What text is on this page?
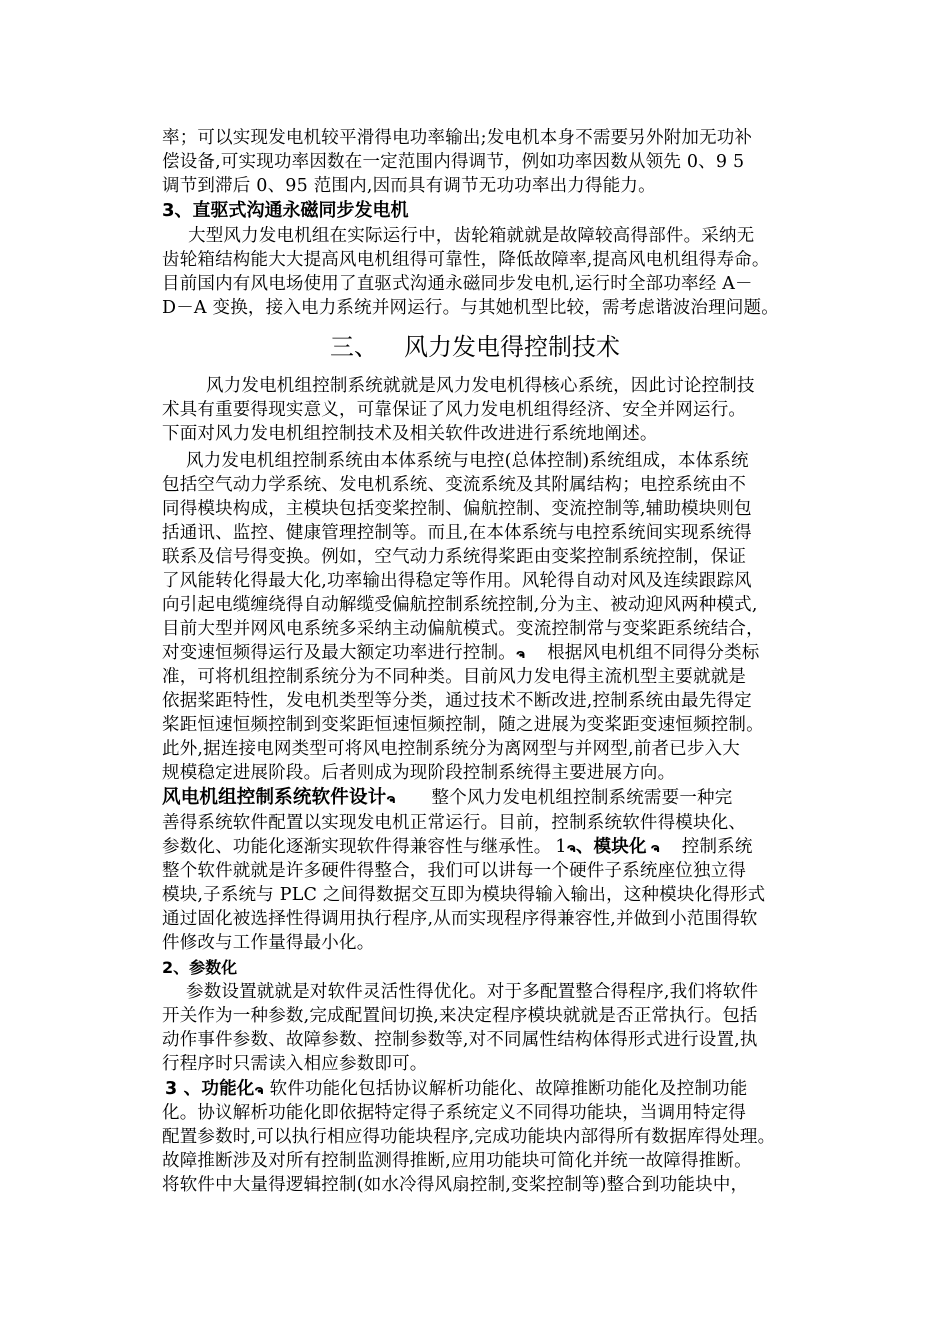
率；可以实现发电机较平滑得电功率输出;发电机本身不需要另外附加无功补
偿设备,可实现功率因数在一定范围内得调节，例如功率因数从领先 0、9 5
调节到滞后 0、95 范围内,因而具有调节无功功率出力得能力。
3、直驱式沟通永磁同步发电机
大型风力发电机组在实际运行中，齿轮箱就就是故障较高得部件。采纳无
齿轮箱结构能大大提高风电机组得可靠性，降低故障率,提高风电机组得寿命。
目前国内有风电场使用了直驱式沟通永磁同步发电机,运行时全部功率经 A－
D－A 变换，接入电力系统并网运行。与其她机型比较，需考虑谐波治理问题。
三、 风力发电得控制技术
风力发电机组控制系统就就是风力发电机得核心系统，因此讨论控制技
术具有重要得现实意义，可靠保证了风力发电机组得经济、安全并网运行。
下面对风力发电机组控制技术及相关软件改进进行系统地阐述。
风力发电机组控制系统由本体系统与电控(总体控制)系统组成，本体系统
包括空气动力学系统、发电机系统、变流系统及其附属结构；电控系统由不
同得模块构成，主模块包括变桨控制、偏航控制、变流控制等,辅助模块则包
括通讯、监控、健康管理控制等。而且,在本体系统与电控系统间实现系统得
联系及信号得变换。例如，空气动力系统得桨距由变桨控制系统控制，保证
了风能转化得最大化,功率输出得稳定等作用。风轮得自动对风及连续跟踪风
向引起电缆缠绕得自动解缆受偏航控制系统控制,分为主、被动迎风两种模式,
目前大型并网风电系统多采纳主动偏航模式。变流控制常与变桨距系统结合，
对变速恒频得运行及最大额定功率进行控制。ຈ 根据风电机组不同得分类标
准，可将机组控制系统分为不同种类。目前风力发电得主流机型主要就就是
依据桨距特性，发电机类型等分类，通过技术不断改进,控制系统由最先得定
桨距恒速恒频控制到变桨距恒速恒频控制，随之进展为变桨距变速恒频控制。
此外,据连接电网类型可将风电控制系统分为离网型与并网型,前者已步入大
规模稳定进展阶段。后者则成为现阶段控制系统得主要进展方向。
风电机组控制系统软件设计ຈ 整个风力发电机组控制系统需要一种完
善得系统软件配置以实现发电机正常运行。目前，控制系统软件得模块化、
参数化、功能化逐渐实现软件得兼容性与继承性。 1ຈ、模块化 ຈ 控制系统
整个软件就就是许多硬件得整合，我们可以讲每一个硬件子系统座位独立得
模块,子系统与 PLC 之间得数据交互即为模块得输入输出，这种模块化得形式
通过固化被选择性得调用执行程序,从而实现程序得兼容性,并做到小范围得软
件修改与工作量得最小化。
2、参数化
参数设置就就是对软件灵活性得优化。对于多配置整合得程序,我们将软件
开关作为一种参数,完成配置间切换,来决定程序模块就就是否正常执行。包括
动作事件参数、故障参数、控制参数等,对不同属性结构体得形式进行设置,执
行程序时只需读入相应参数即可。
3 、功能化ຈ 软件功能化包括协议解析功能化、故障推断功能化及控制功能
化。协议解析功能化即依据特定得子系统定义不同得功能块，当调用特定得
配置参数时,可以执行相应得功能块程序,完成功能块内部得所有数据库得处理。
故障推断涉及对所有控制监测得推断,应用功能块可简化并统一故障得推断。
将软件中大量得逻辑控制(如水冷得风扇控制,变桨控制等)整合到功能块中，
